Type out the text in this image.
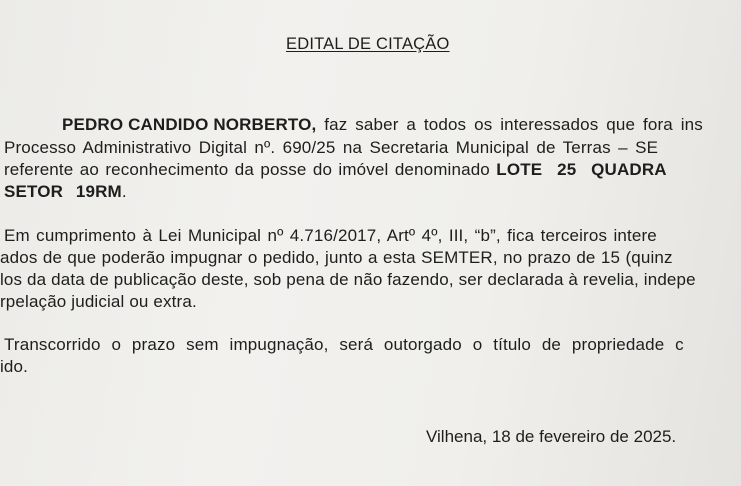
EDITAL DE CITAÇÃO
PEDRO CANDIDO NORBERTO, faz saber a todos os interessados que fora ins
Processo Administrativo Digital nº. 690/25 na Secretaria Municipal de Terras – SE
referente ao reconhecimento da posse do imóvel denominado LOTE 25 QUADRA
SETOR 19RM.
Em cumprimento à Lei Municipal nº 4.716/2017, Artº 4º, III, “b”, fica terceiros intere
ados de que poderão impugnar o pedido, junto a esta SEMTER, no prazo de 15 (quinz
los da data de publicação deste, sob pena de não fazendo, ser declarada à revelia, indepe
rpelação judicial ou extra.
Transcorrido o prazo sem impugnação, será outorgado o título de propriedade c
ido.
Vilhena, 18 de fevereiro de 2025.
